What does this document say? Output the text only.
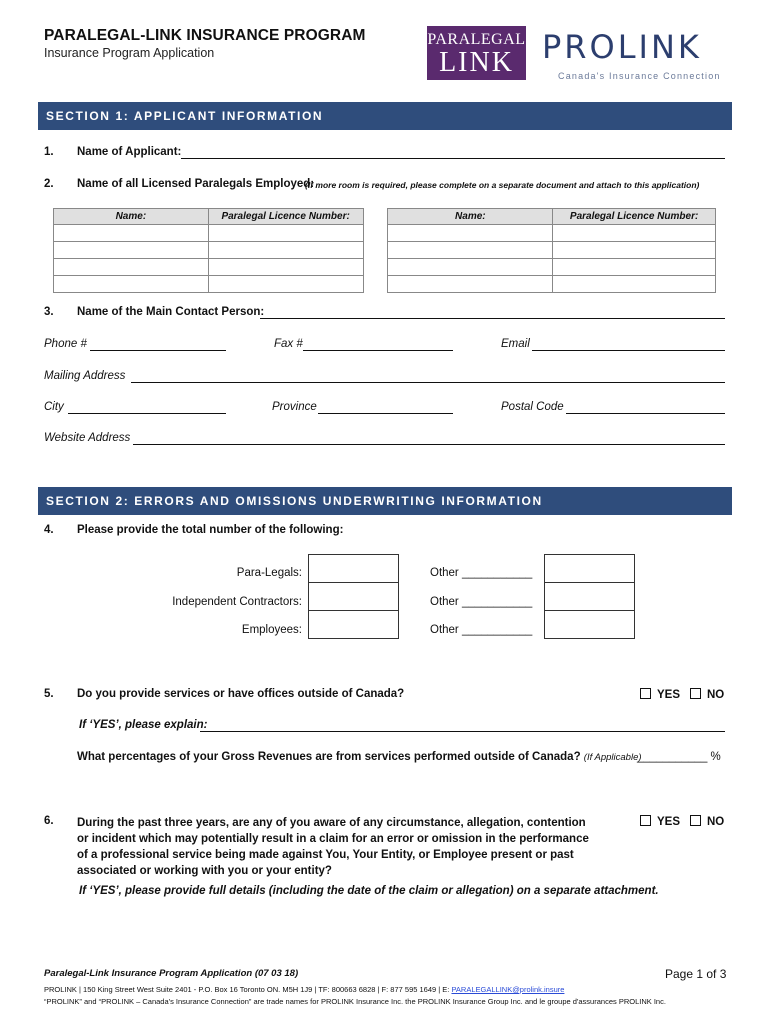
PARALEGAL-LINK INSURANCE PROGRAM
Insurance Program Application
PARALEGAL
LINK PROLINK
Canada's Insurance Connection
SECTION 1: APPLICANT INFORMATION
1. Name of Applicant:
2. Name of all Licensed Paralegals Employed:
(If more room is required, please complete on a separate document and attach to this application)
Name:	Paralegal Licence Number:		Name:	Paralegal Licence Number:

3. Name of the Main Contact Person:
Phone #	Fax #	Email
Mailing Address
City	Province	Postal Code
Website Address
SECTION 2: ERRORS AND OMISSIONS UNDERWRITING INFORMATION
4. Please provide the total number of the following:
Para-Legals:	Other ___________
Independent Contractors:	Other ___________
Employees:	Other ___________
5. Do you provide services or have offices outside of Canada?	YES	NO
If ‘YES’, please explain:
What percentages of your Gross Revenues are from services performed outside of Canada? (If Applicable)
___________ %
6. During the past three years, are any of you aware of any circumstance, allegation, contention or incident which may potentially result in a claim for an error or omission in the performance of a professional service being made against You, Your Entity, or Employee present or past associated or working with you or your entity?
YES	NO
If ‘YES’, please provide full details (including the date of the claim or allegation) on a separate attachment.
Paralegal-Link Insurance Program Application (07 03 18)	Page 1 of 3
PROLINK | 150 King Street West Suite 2401 - P.O. Box 16 Toronto ON. M5H 1J9 | TF: 800663 6828 | F: 877 595 1649 | E: PARALEGALLINK@prolink.insure
“PROLINK” and “PROLINK – Canada's Insurance Connection” are trade names for PROLINK Insurance Inc. the PROLINK Insurance Group Inc. and le groupe d'assurances PROLINK Inc.
